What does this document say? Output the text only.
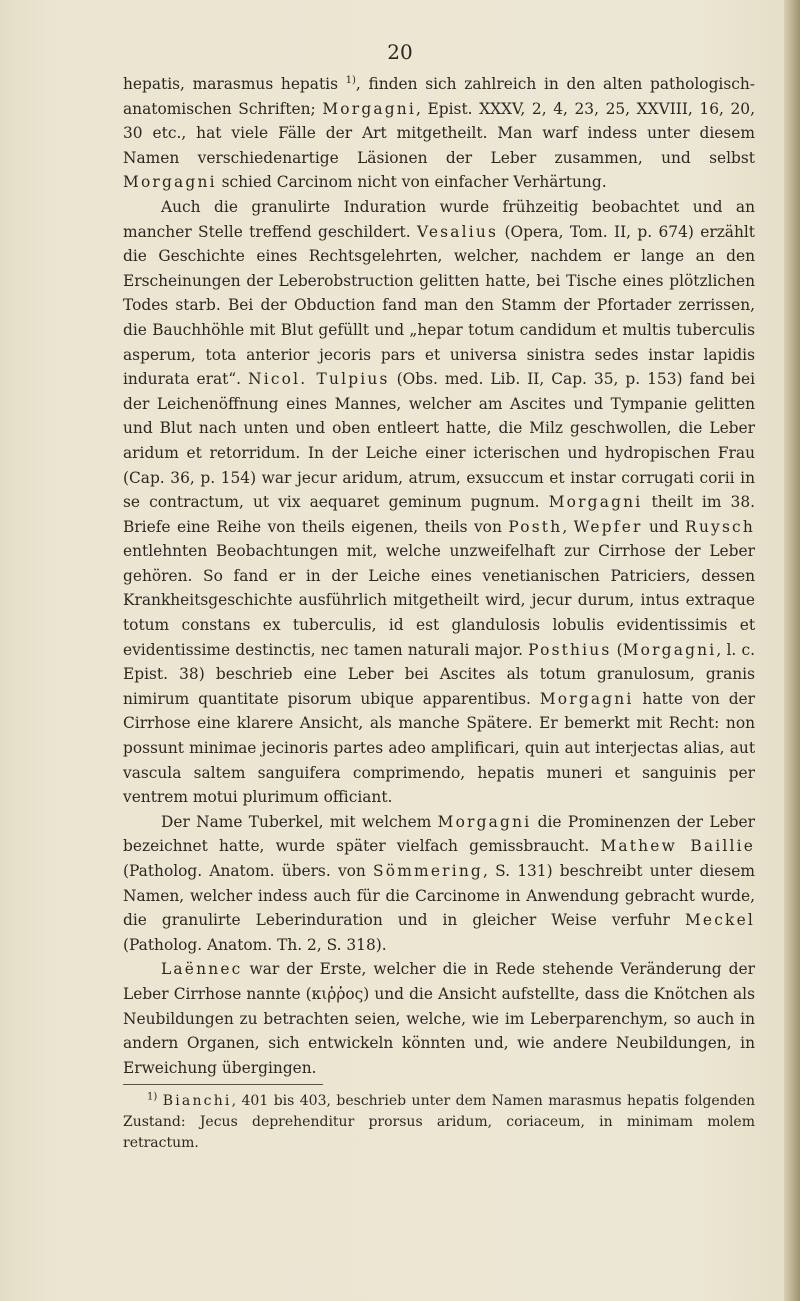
20

hepatis, marasmus hepatis $^{1)}$, finden sich zahlreich in den alten pathologisch-anatomischen Schriften; Morgagni, Epist. XXXV, 2, 4, 23, 25, XXVIII, 16, 20, 30 etc., hat viele Fälle der Art mitgetheilt. Man warf indess unter diesem Namen verschiedenartige Läsionen der Leber zusammen, und selbst Morgagni schied Carcinom nicht von einfacher Verhärtung.

Auch die granulirte Induration wurde frühzeitig beobachtet und an mancher Stelle treffend geschildert. Vesalius (Opera, Tom. II, p. 674) erzählt die Geschichte eines Rechtsgelehrten, welcher, nachdem er lange an den Erscheinungen der Leberobstruction gelitten hatte, bei Tische eines plötzlichen Todes starb. Bei der Obduction fand man den Stamm der Pfortader zerrissen, die Bauchhöhle mit Blut gefüllt und „hepar totum candidum et multis tuberculis asperum, tota anterior jecoris pars et universa sinistra sedes instar lapidis indurata erat“. Nicol. Tulpius (Obs. med. Lib. II, Cap. 35, p. 153) fand bei der Leichenöffnung eines Mannes, welcher am Ascites und Tympanie gelitten und Blut nach unten und oben entleert hatte, die Milz geschwollen, die Leber aridum et retorridum. In der Leiche einer icterischen und hydropischen Frau (Cap. 36, p. 154) war jecur aridum, atrum, exsuccum et instar corrugati corii in se contractum, ut vix aequaret geminum pugnum. Morgagni theilt im 38. Briefe eine Reihe von theils eigenen, theils von Posth, Wepfer und Ruysch entlehnten Beobachtungen mit, welche unzweifelhaft zur Cirrhose der Leber gehören. So fand er in der Leiche eines venetianischen Patriciers, dessen Krankheitsgeschichte ausführlich mitgetheilt wird, jecur durum, intus extraque totum constans ex tuberculis, id est glandulosis lobulis evidentissimis et evidentissime destinctis, nec tamen naturali major. Posthius (Morgagni, l. c. Epist. 38) beschrieb eine Leber bei Ascites als totum granulosum, granis nimirum quantitate pisorum ubique apparentibus. Morgagni hatte von der Cirrhose eine klarere Ansicht, als manche Spätere. Er bemerkt mit Recht: non possunt minimae jecinoris partes adeo amplificari, quin aut interjectas alias, aut vascula saltem sanguifera comprimendo, hepatis muneri et sanguinis per ventrem motui plurimum officiant.

Der Name Tuberkel, mit welchem Morgagni die Prominenzen der Leber bezeichnet hatte, wurde später vielfach gemissbraucht. Mathew Baillie (Patholog. Anatom. übers. von Sömmering, S. 131) beschreibt unter diesem Namen, welcher indess auch für die Carcinome in Anwendung gebracht wurde, die granulirte Leberinduration und in gleicher Weise verfuhr Meckel (Patholog. Anatom. Th. 2, S. 318).

Laënnec war der Erste, welcher die in Rede stehende Veränderung der Leber Cirrhose nannte (κιῤῥος) und die Ansicht aufstellte, dass die Knötchen als Neubildungen zu betrachten seien, welche, wie im Leberparenchym, so auch in andern Organen, sich entwickeln könnten und, wie andere Neubildungen, in Erweichung übergingen.

$^{1)}$ Bianchi, 401 bis 403, beschrieb unter dem Namen marasmus hepatis folgenden Zustand: Jecus deprehenditur prorsus aridum, coriaceum, in minimam molem retractum.
